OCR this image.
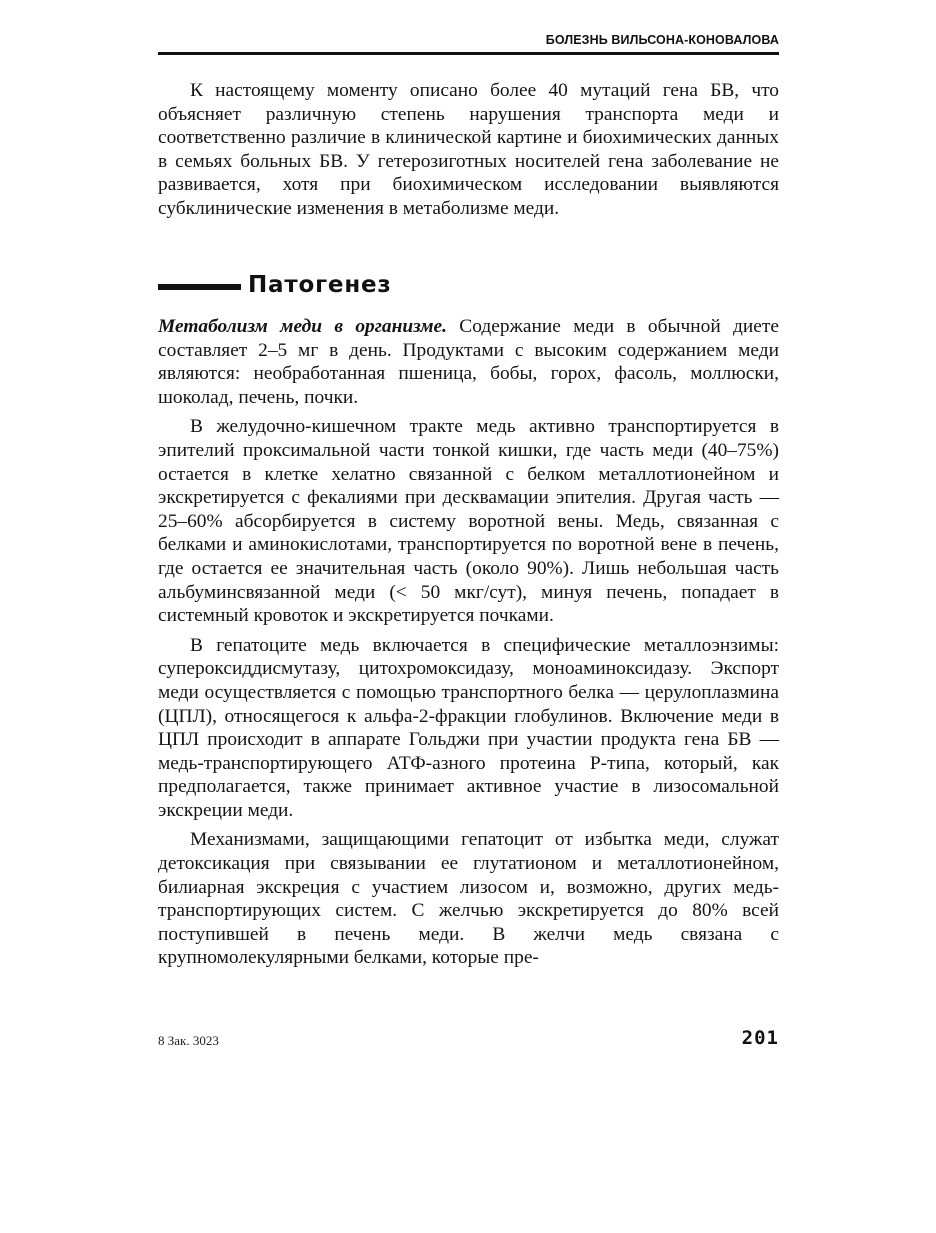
БОЛЕЗНЬ ВИЛЬСОНА-КОНОВАЛОВА

К настоящему моменту описано более 40 мутаций гена БВ, что объясняет различную степень нарушения транспорта меди и соответственно различие в клинической картине и биохимических данных в семьях больных БВ. У гетерозиготных носителей гена заболевание не развивается, хотя при биохимическом исследовании выявляются субклинические изменения в метаболизме меди.

Патогенез

Метаболизм меди в организме. Содержание меди в обычной диете составляет 2–5 мг в день. Продуктами с высоким содержанием меди являются: необработанная пшеница, бобы, горох, фасоль, моллюски, шоколад, печень, почки.

В желудочно-кишечном тракте медь активно транспортируется в эпителий проксимальной части тонкой кишки, где часть меди (40–75%) остается в клетке хелатно связанной с белком металлотионейном и экскретируется с фекалиями при десквамации эпителия. Другая часть — 25–60% абсорбируется в систему воротной вены. Медь, связанная с белками и аминокислотами, транспортируется по воротной вене в печень, где остается ее значительная часть (около 90%). Лишь небольшая часть альбуминсвязанной меди (< 50 мкг/сут), минуя печень, попадает в системный кровоток и экскретируется почками.

В гепатоците медь включается в специфические металлоэнзимы: супероксиддисмутазу, цитохромоксидазу, моноаминоксидазу. Экспорт меди осуществляется с помощью транспортного белка — церулоплазмина (ЦПЛ), относящегося к альфа-2-фракции глобулинов. Включение меди в ЦПЛ происходит в аппарате Гольджи при участии продукта гена БВ — медь-транспортирующего АТФ-азного протеина Р-типа, который, как предполагается, также принимает активное участие в лизосомальной экскреции меди.

Механизмами, защищающими гепатоцит от избытка меди, служат детоксикация при связывании ее глутатионом и металлотионейном, билиарная экскреция с участием лизосом и, возможно, других медь-транспортирующих систем. С желчью экскретируется до 80% всей поступившей в печень меди. В желчи медь связана с крупномолекулярными белками, которые пре-

8 Зак. 3023	201
